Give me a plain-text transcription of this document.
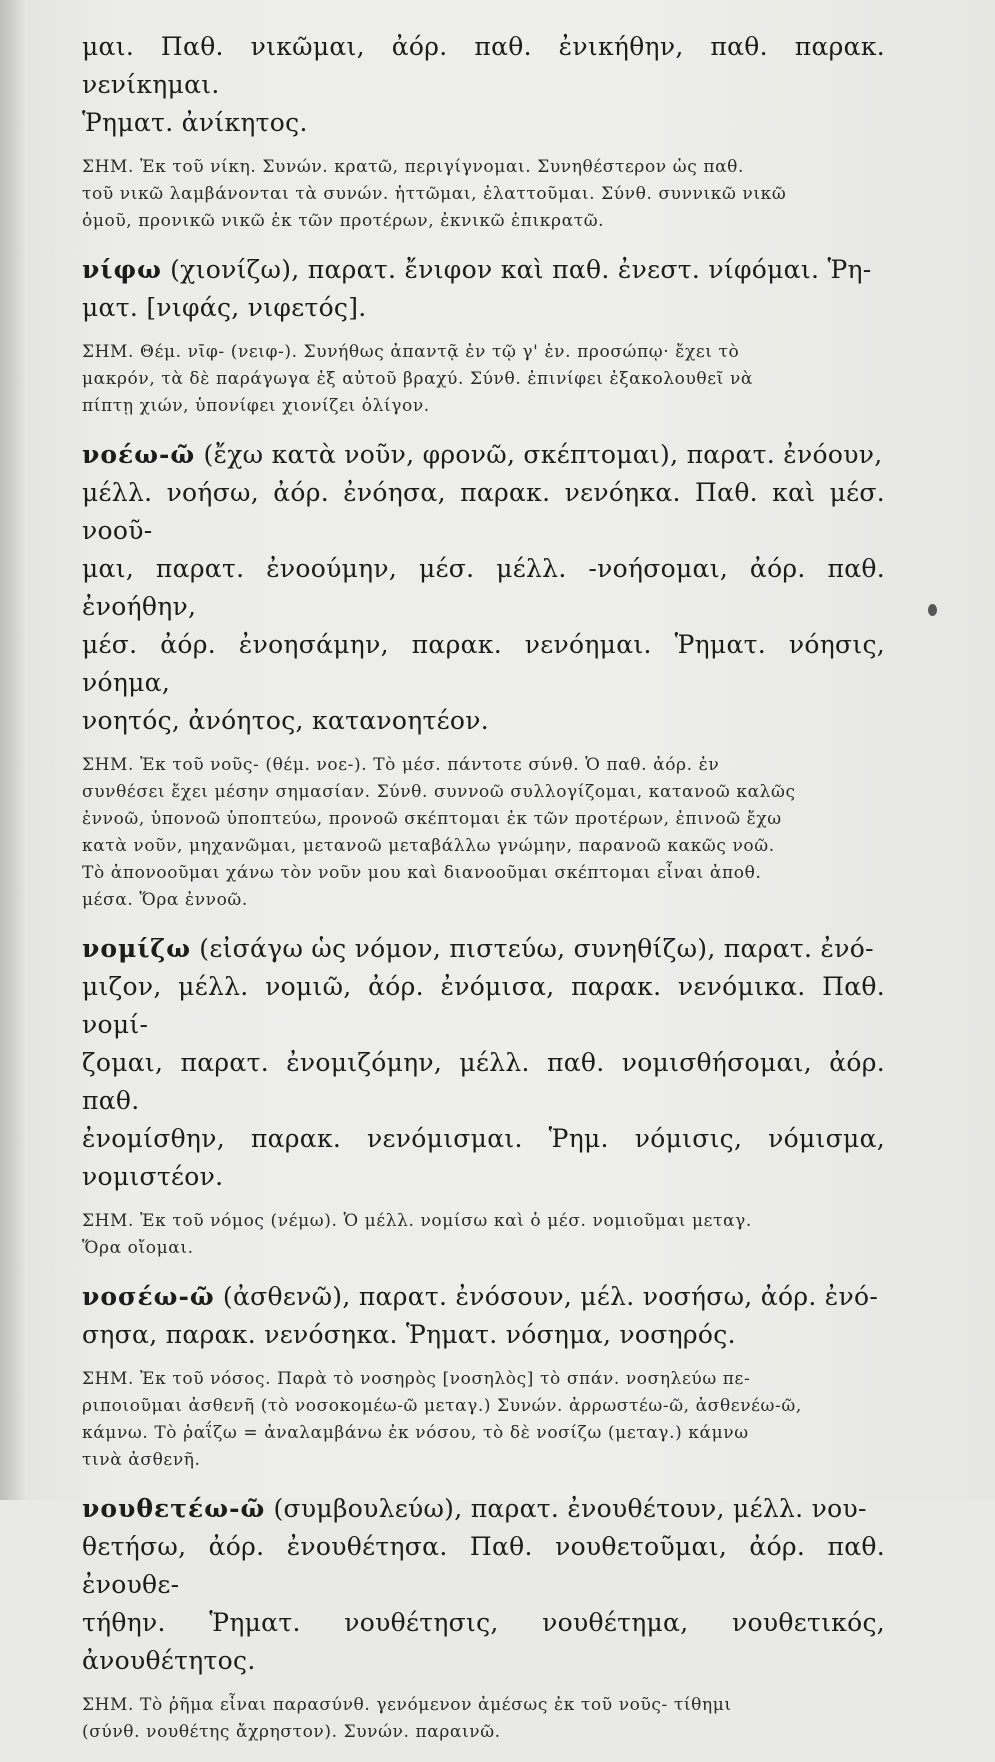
μαι. Παθ. νικῶμαι, ἀόρ. παθ. ἐνικήθην, παθ. παρακ. νενίκημαι.

Ῥηματ. ἀνίκητος.

ΣΗΜ. Ἐκ τοῦ νίκη. Συνών. κρατῶ, περιγίγνομαι. Συνηθέστερον ὡς παθ.

τοῦ νικῶ λαμβάνονται τὰ συνών. ἡττῶμαι, ἐλαττοῦμαι. Σύνθ. συννικῶ νικῶ

ὁμοῦ, προνικῶ νικῶ ἐκ τῶν προτέρων, ἐκνικῶ ἐπικρατῶ.

νίφω (χιονίζω), παρατ. ἔνιφον καὶ παθ. ἐνεστ. νίφόμαι. Ῥη-

ματ. [νιφάς, νιφετός].

ΣΗΜ. Θέμ. νῑφ- (νειφ-). Συνήθως ἀπαντᾷ ἐν τῷ γ' ἑν. προσώπῳ· ἔχει τὸ

μακρόν, τὰ δὲ παράγωγα ἐξ αὐτοῦ βραχύ. Σύνθ. ἐπινίφει ἐξακολουθεῖ νὰ

πίπτῃ χιών, ὑπονίφει χιονίζει ὀλίγον.

νοέω-ῶ (ἔχω κατὰ νοῦν, φρονῶ, σκέπτομαι), παρατ. ἐνόουν,

μέλλ. νοήσω, ἀόρ. ἐνόησα, παρακ. νενόηκα. Παθ. καὶ μέσ. νοοῦ-

μαι, παρατ. ἐνοούμην, μέσ. μέλλ. -νοήσομαι, ἀόρ. παθ. ἐνοήθην,

μέσ. ἀόρ. ἐνοησάμην, παρακ. νενόημαι. Ῥηματ. νόησις, νόημα,

νοητός, ἀνόητος, κατανοητέον.

ΣΗΜ. Ἐκ τοῦ νοῦς- (θέμ. νοε-). Τὸ μέσ. πάντοτε σύνθ. Ὁ παθ. ἀόρ. ἐν

συνθέσει ἔχει μέσην σημασίαν. Σύνθ. συννοῶ συλλογίζομαι, κατανοῶ καλῶς

ἐννοῶ, ὑπονοῶ ὑποπτεύω, προνοῶ σκέπτομαι ἐκ τῶν προτέρων, ἐπινοῶ ἔχω

κατὰ νοῦν, μηχανῶμαι, μετανοῶ μεταβάλλω γνώμην, παρανοῶ κακῶς νοῶ.

Τὸ ἀπονοοῦμαι χάνω τὸν νοῦν μου καὶ διανοοῦμαι σκέπτομαι εἶναι ἀποθ.

μέσα. Ὅρα ἐννοῶ.

νομίζω (εἰσάγω ὡς νόμον, πιστεύω, συνηθίζω), παρατ. ἐνό-

μιζον, μέλλ. νομιῶ, ἀόρ. ἐνόμισα, παρακ. νενόμικα. Παθ. νομί-

ζομαι, παρατ. ἐνομιζόμην, μέλλ. παθ. νομισθήσομαι, ἀόρ. παθ.

ἐνομίσθην, παρακ. νενόμισμαι. Ῥημ. νόμισις, νόμισμα, νομιστέον.

ΣΗΜ. Ἐκ τοῦ νόμος (νέμω). Ὁ μέλλ. νομίσω καὶ ὁ μέσ. νομιοῦμαι μεταγ.

Ὅρα οἴομαι.

νοσέω-ῶ (ἀσθενῶ), παρατ. ἐνόσουν, μέλ. νοσήσω, ἀόρ. ἐνό-

σησα, παρακ. νενόσηκα. Ῥηματ. νόσημα, νοσηρός.

ΣΗΜ. Ἐκ τοῦ νόσος. Παρὰ τὸ νοσηρὸς [νοσηλὸς] τὸ σπάν. νοσηλεύω πε-

ριποιοῦμαι ἀσθενῆ (τὸ νοσοκομέω-ῶ μεταγ.) Συνών. ἀρρωστέω-ῶ, ἀσθενέω-ῶ,

κάμνω. Τὸ ῥαΐζω = ἀναλαμβάνω ἐκ νόσου, τὸ δὲ νοσίζω (μεταγ.) κάμνω

τινὰ ἀσθενῆ.

νουθετέω-ῶ (συμβουλεύω), παρατ. ἐνουθέτουν, μέλλ. νου-

θετήσω, ἀόρ. ἐνουθέτησα. Παθ. νουθετοῦμαι, ἀόρ. παθ. ἐνουθε-

τήθην. Ῥηματ. νουθέτησις, νουθέτημα, νουθετικός, ἀνουθέτητος.

ΣΗΜ. Τὸ ῥῆμα εἶναι παρασύνθ. γενόμενον ἀμέσως ἐκ τοῦ νοῦς- τίθημι

(σύνθ. νουθέτης ἄχρηστον). Συνών. παραινῶ.
